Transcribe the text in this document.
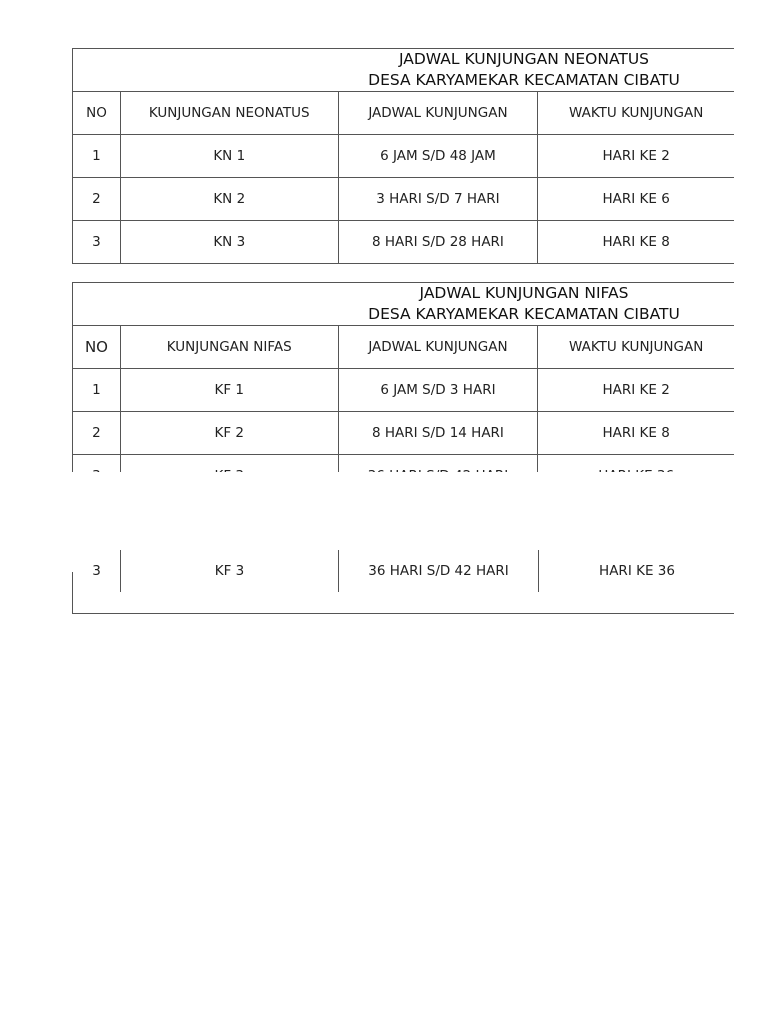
JADWAL KUNJUNGAN NEONATUS
DESA KARYAMEKAR KECAMATAN CIBATU
NO	KUNJUNGAN NEONATUS	JADWAL KUNJUNGAN	WAKTU KUNJUNGAN
1	KN 1	6 JAM S/D 48 JAM	HARI KE 2
2	KN 2	3 HARI S/D 7 HARI	HARI KE 6
3	KN 3	8 HARI S/D 28 HARI	HARI KE 8
JADWAL KUNJUNGAN NIFAS
DESA KARYAMEKAR KECAMATAN CIBATU
NO	KUNJUNGAN NIFAS	JADWAL KUNJUNGAN	WAKTU KUNJUNGAN
1	KF 1	6 JAM S/D 3 HARI	HARI KE 2
2	KF 2	8 HARI S/D 14 HARI	HARI KE 8
3	KF 3	36 HARI S/D 42 HARI	HARI KE 36
